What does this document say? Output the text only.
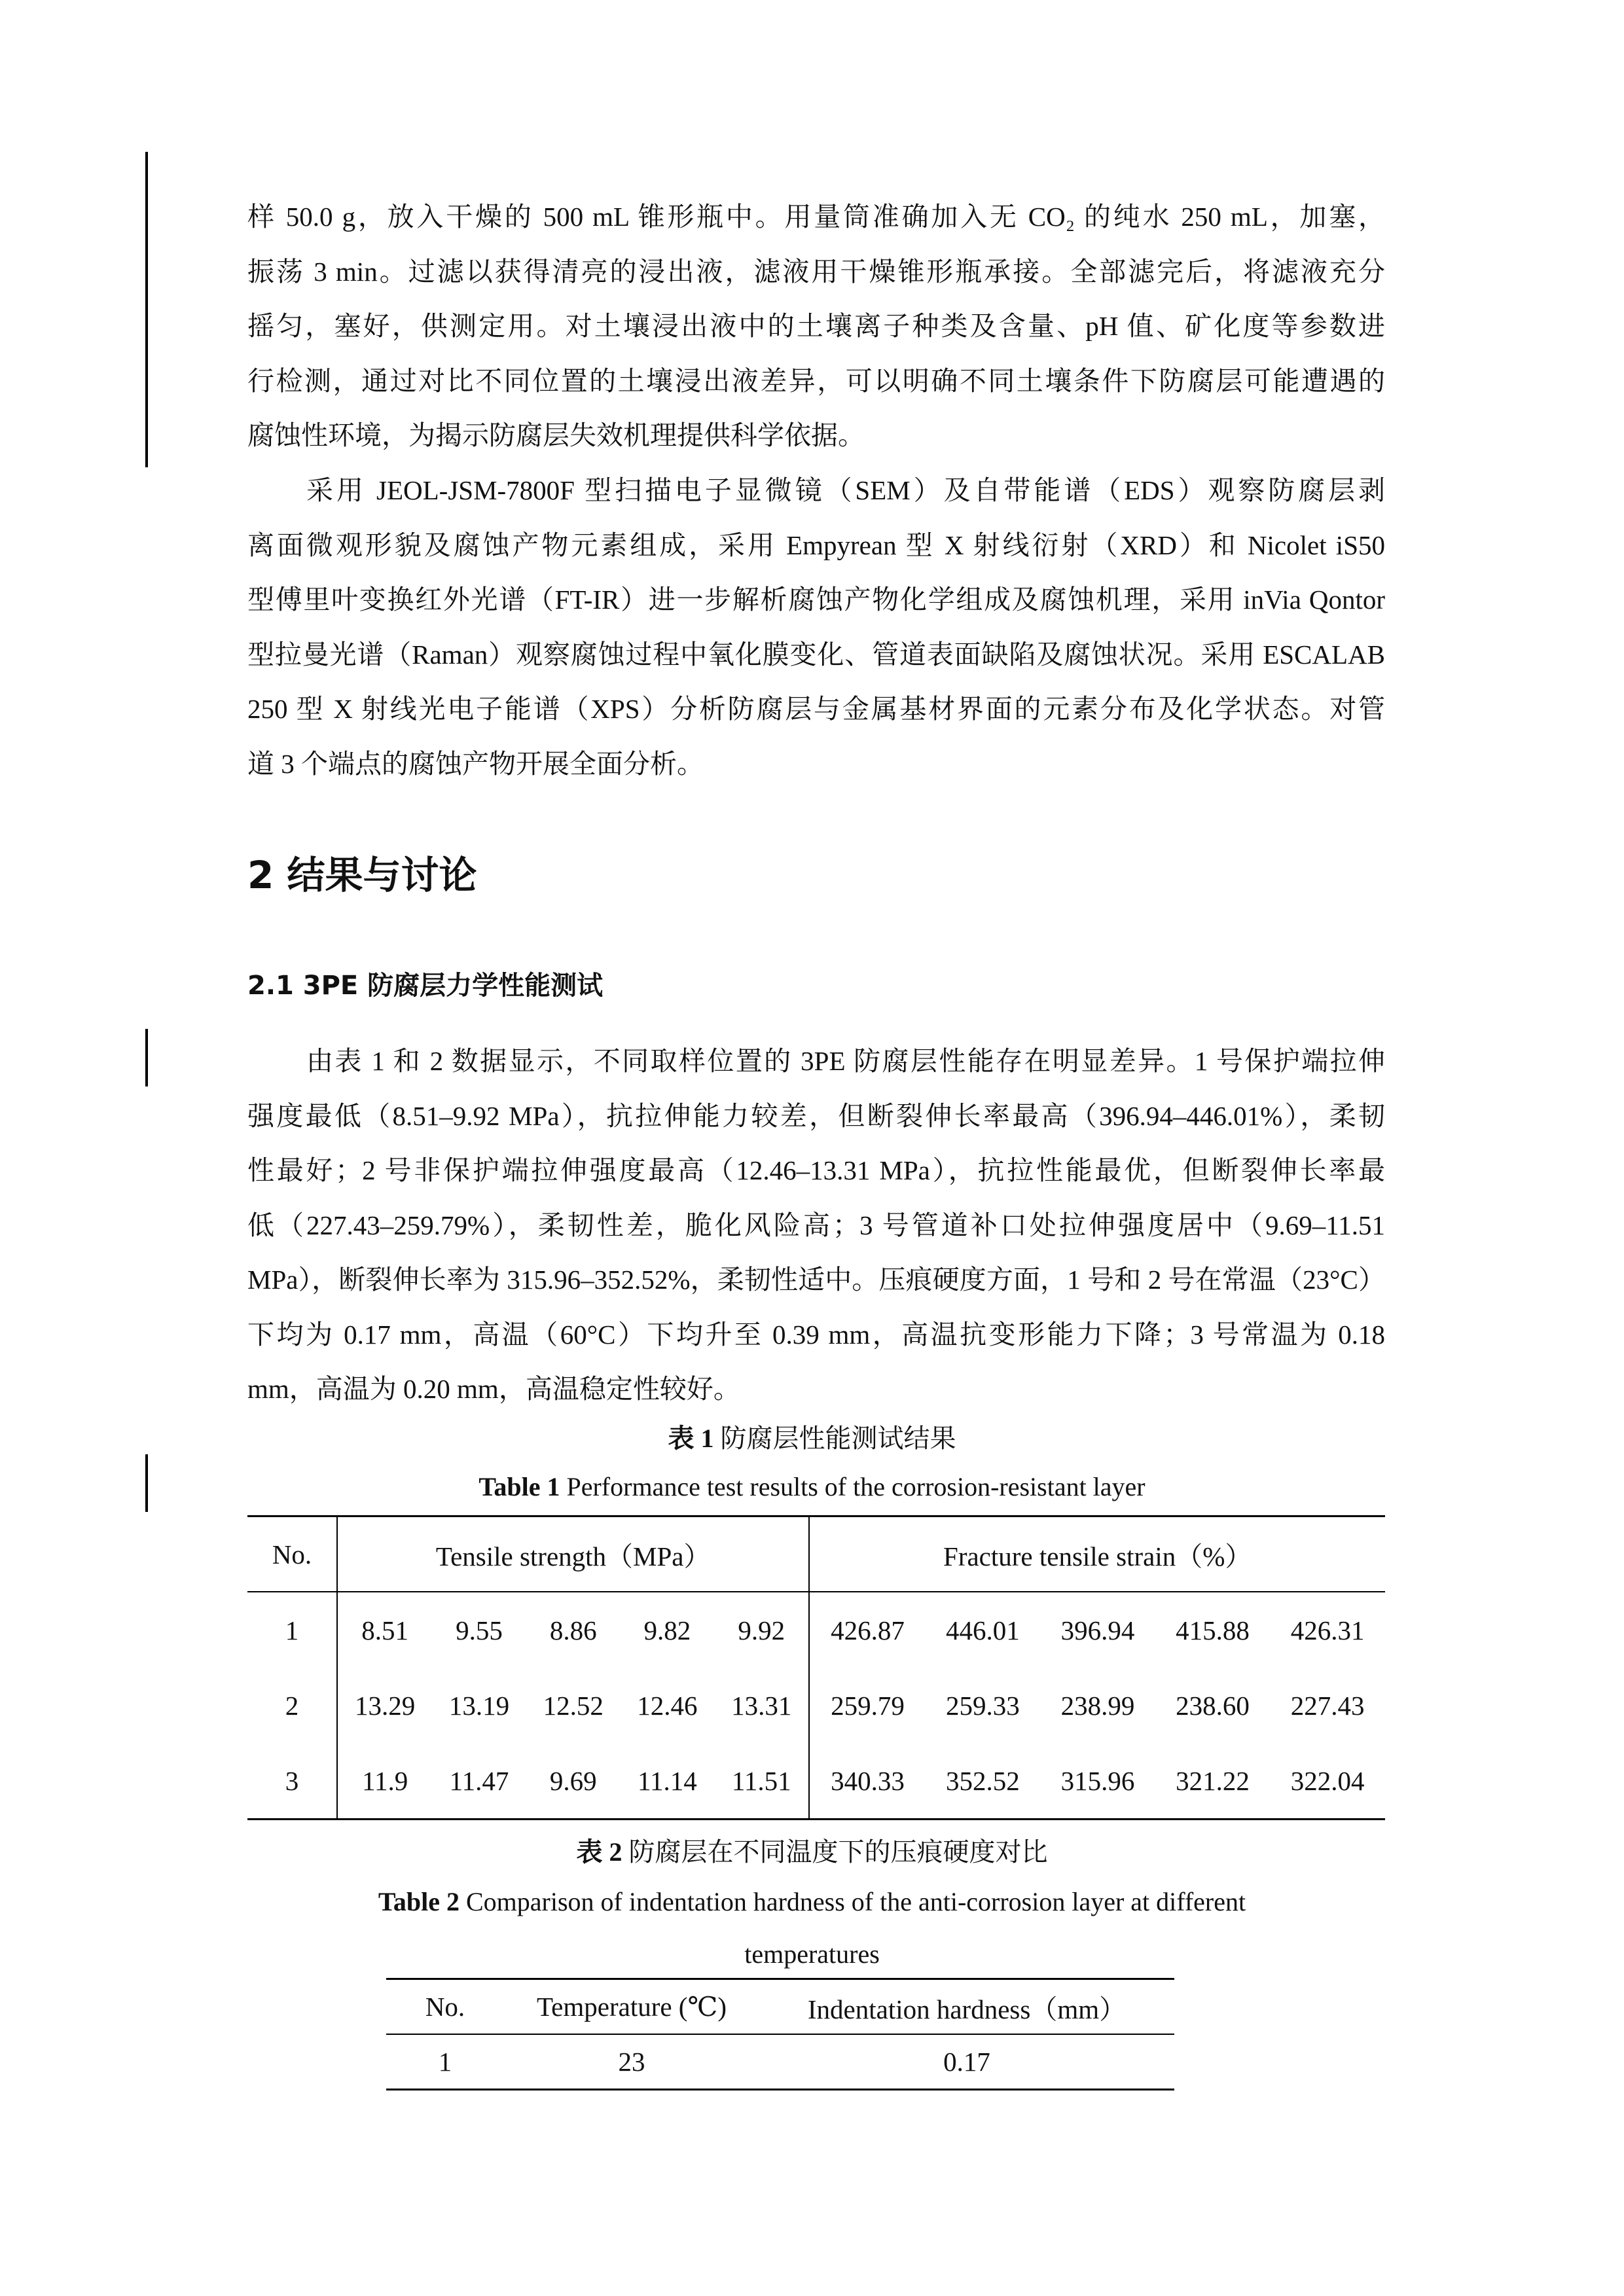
样 50.0 g，放入干燥的 500 mL 锥形瓶中。用量筒准确加入无 CO₂ 的纯水 250 mL，加塞，
振荡 3 min。过滤以获得清亮的浸出液，滤液用干燥锥形瓶承接。全部滤完后，将滤液充分
摇匀，塞好，供测定用。对土壤浸出液中的土壤离子种类及含量、pH 值、矿化度等参数进
行检测，通过对比不同位置的土壤浸出液差异，可以明确不同土壤条件下防腐层可能遭遇的
腐蚀性环境，为揭示防腐层失效机理提供科学依据。
采用 JEOL-JSM-7800F 型扫描电子显微镜（SEM）及自带能谱（EDS）观察防腐层剥
离面微观形貌及腐蚀产物元素组成，采用 Empyrean 型 X 射线衍射（XRD）和 Nicolet iS50
型傅里叶变换红外光谱（FT-IR）进一步解析腐蚀产物化学组成及腐蚀机理，采用 inVia Qontor
型拉曼光谱（Raman）观察腐蚀过程中氧化膜变化、管道表面缺陷及腐蚀状况。采用 ESCALAB
250 型 X 射线光电子能谱（XPS）分析防腐层与金属基材界面的元素分布及化学状态。对管
道 3 个端点的腐蚀产物开展全面分析。
2 结果与讨论
2.1 3PE 防腐层力学性能测试
由表 1 和 2 数据显示，不同取样位置的 3PE 防腐层性能存在明显差异。1 号保护端拉伸
强度最低（8.51–9.92 MPa），抗拉伸能力较差，但断裂伸长率最高（396.94–446.01%），柔韧
性最好；2 号非保护端拉伸强度最高（12.46–13.31 MPa），抗拉性能最优，但断裂伸长率最
低（227.43–259.79%），柔韧性差，脆化风险高；3 号管道补口处拉伸强度居中（9.69–11.51
MPa），断裂伸长率为 315.96–352.52%，柔韧性适中。压痕硬度方面，1 号和 2 号在常温（23°C）
下均为 0.17 mm，高温（60°C）下均升至 0.39 mm，高温抗变形能力下降；3 号常温为 0.18
mm，高温为 0.20 mm，高温稳定性较好。

表 1 防腐层性能测试结果

Table 1 Performance test results of the corrosion-resistant layer

No.	Tensile strength（MPa）					Fracture tensile strain（%）				
1	8.51	9.55	8.86	9.82	9.92	426.87	446.01	396.94	415.88	426.31
2	13.29	13.19	12.52	12.46	13.31	259.79	259.33	238.99	238.60	227.43
3	11.9	11.47	9.69	11.14	11.51	340.33	352.52	315.96	321.22	322.04

表 2 防腐层在不同温度下的压痕硬度对比

Table 2 Comparison of indentation hardness of the anti-corrosion layer at different

temperatures

No.	Temperature (℃)	Indentation hardness（mm）
1	23	0.17
